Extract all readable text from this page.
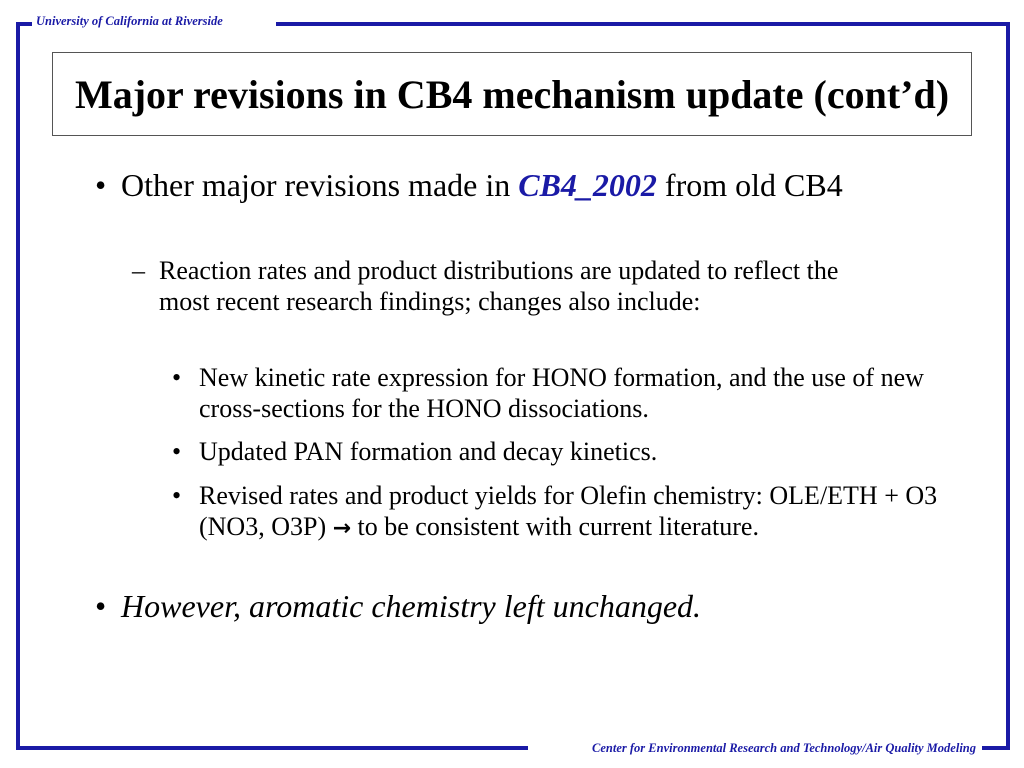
University of California at Riverside
Center for Environmental Research and Technology/Air Quality Modeling
Major revisions in CB4 mechanism update (cont’d)
• Other major revisions made in CB4_2002 from old CB4
– Reaction rates and product distributions are updated to reflect the most recent research findings; changes also include:
• New kinetic rate expression for HONO formation, and the use of new cross-sections for the HONO dissociations.
• Updated PAN formation and decay kinetics.
• Revised rates and product yields for Olefin chemistry: OLE/ETH + O3 (NO3, O3P) → to be consistent with current literature.
• However, aromatic chemistry left unchanged.
